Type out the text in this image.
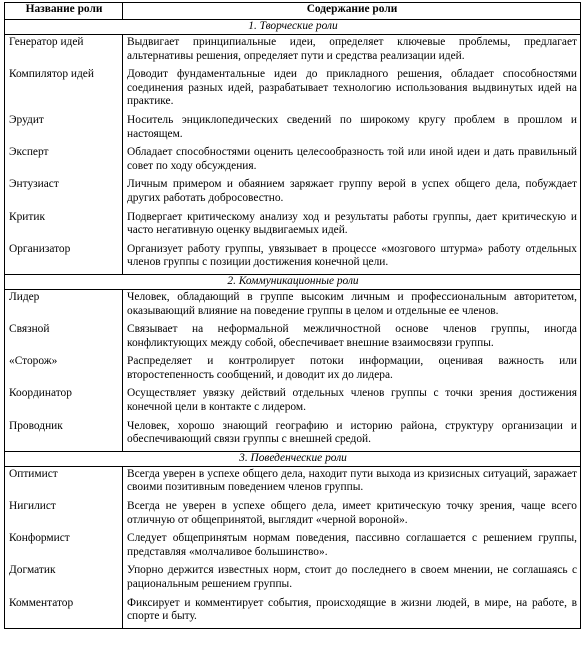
Название роли	Содержание роли
1. Творческие роли	
Генератор идей	Выдвигает принципиальные идеи, определяет ключевые проблемы, предлагает альтернативы решения, определяет пути и средства реализации идей.
Компилятор идей	Доводит фундаментальные идеи до прикладного решения, обладает способностями соединения разных идей, разрабатывает технологию использования выдвинутых идей на практике.
Эрудит	Носитель энциклопедических сведений по широкому кругу проблем в прошлом и настоящем.
Эксперт	Обладает способностями оценить целесообразность той или иной идеи и дать правильный совет по ходу обсуждения.
Энтузиаст	Личным примером и обаянием заряжает группу верой в успех общего дела, побуждает других работать добросовестно.
Критик	Подвергает критическому анализу ход и результаты работы группы, дает критическую и часто негативную оценку выдвигаемых идей.
Организатор	Организует работу группы, увязывает в процессе «мозгового штурма» работу отдельных членов группы с позиции достижения конечной цели.
2. Коммуникационные роли	
Лидер	Человек, обладающий в группе высоким личным и профессиональным авторитетом, оказывающий влияние на поведение группы в целом и отдельные ее членов.
Связной	Связывает на неформальной межличностной основе членов группы, иногда конфликтующих между собой, обеспечивает внешние взаимосвязи группы.
«Сторож»	Распределяет и контролирует потоки информации, оценивая важность или второстепенность сообщений, и доводит их до лидера.
Координатор	Осуществляет увязку действий отдельных членов группы с точки зрения достижения конечной цели в контакте с лидером.
Проводник	Человек, хорошо знающий географию и историю района, структуру организации и обеспечивающий связи группы с внешней средой.
3. Поведенческие роли	
Оптимист	Всегда уверен в успехе общего дела, находит пути выхода из кризисных ситуаций, заражает своими позитивным поведением членов группы.
Нигилист	Всегда не уверен в успехе общего дела, имеет критическую точку зрения, чаще всего отличную от общепринятой, выглядит «черной вороной».
Конформист	Следует общепринятым нормам поведения, пассивно соглашается с решением группы, представляя «молчаливое большинство».
Догматик	Упорно держится известных норм, стоит до последнего в своем мнении, не соглашаясь с рациональным решением группы.
Комментатор	Фиксирует и комментирует события, происходящие в жизни людей, в мире, на работе, в спорте и быту.
